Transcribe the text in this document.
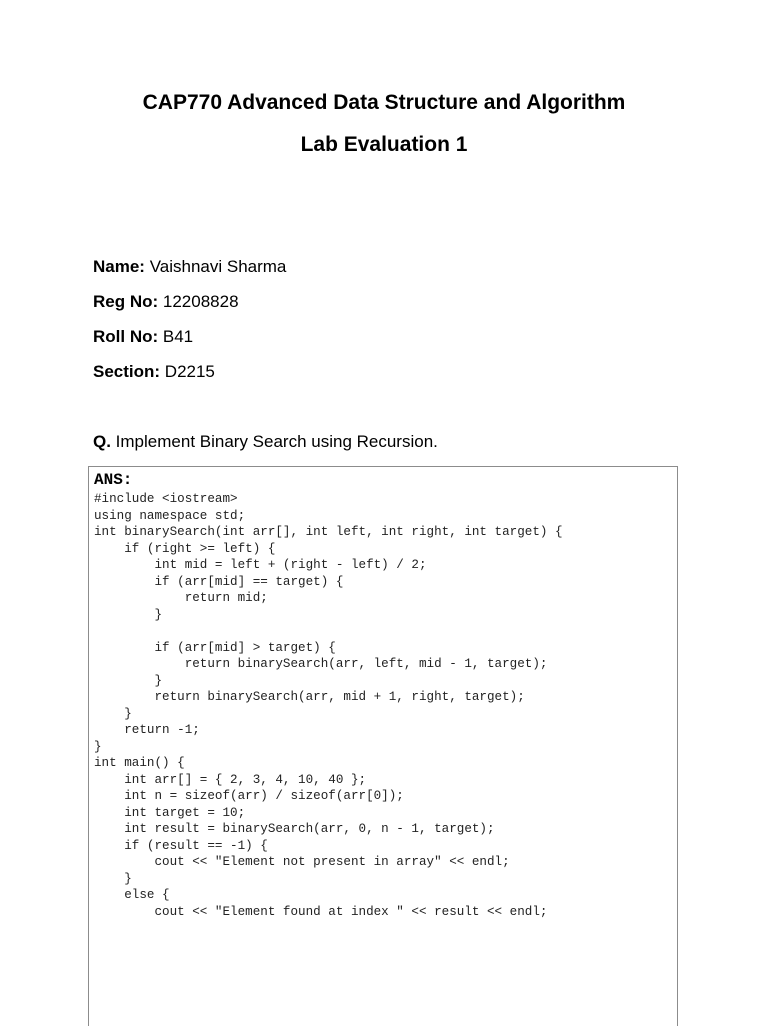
CAP770 Advanced Data Structure and Algorithm
Lab Evaluation 1
Name: Vaishnavi Sharma
Reg No: 12208828
Roll No: B41
Section: D2215
Q. Implement Binary Search using Recursion.
ANS:
#include <iostream>
using namespace std;
int binarySearch(int arr[], int left, int right, int target) {
if (right >= left) {
int mid = left + (right - left) / 2;
if (arr[mid] == target) {
return mid;
}
if (arr[mid] > target) {
return binarySearch(arr, left, mid - 1, target);
}
return binarySearch(arr, mid + 1, right, target);
}
return -1;
}
int main() {
int arr[] = { 2, 3, 4, 10, 40 };
int n = sizeof(arr) / sizeof(arr[0]);
int target = 10;
int result = binarySearch(arr, 0, n - 1, target);
if (result == -1) {
cout << "Element not present in array" << endl;
}
else {
cout << "Element found at index " << result << endl;
